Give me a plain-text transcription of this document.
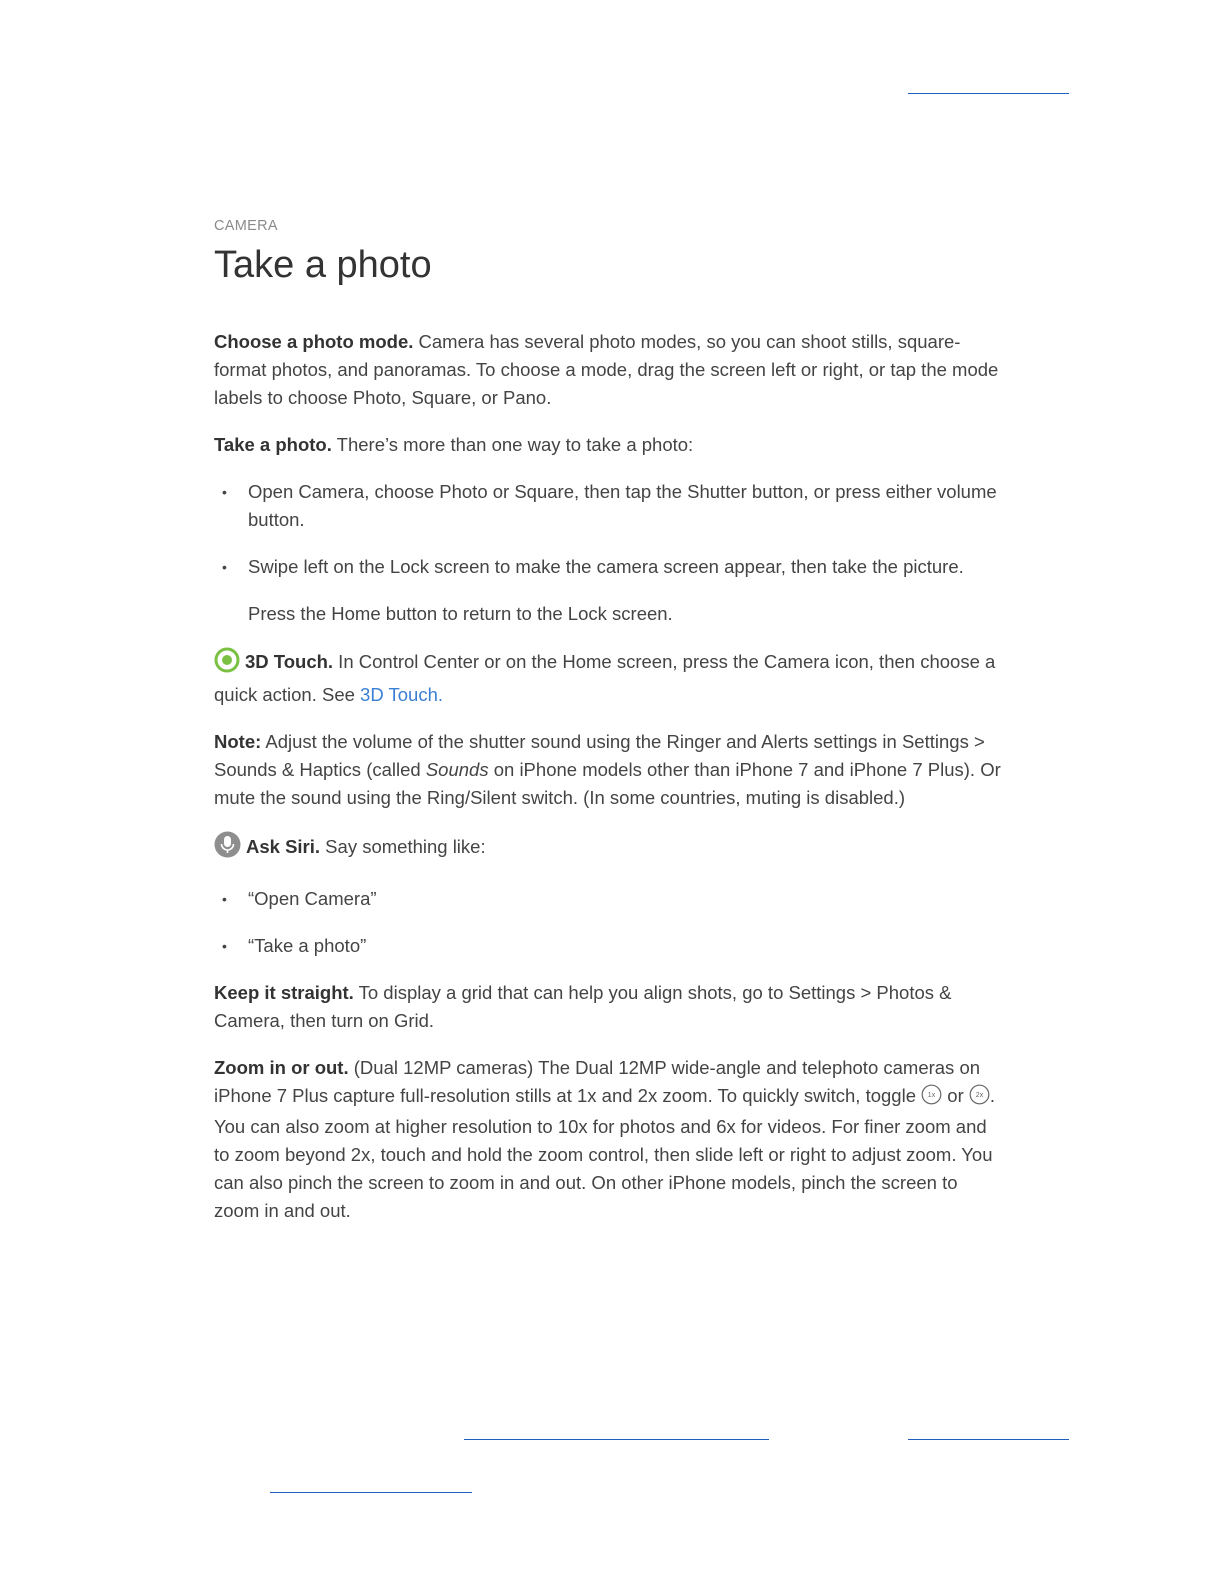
CAMERA
Take a photo

Choose a photo mode. Camera has several photo modes, so you can shoot stills, square-format photos, and panoramas. To choose a mode, drag the screen left or right, or tap the mode labels to choose Photo, Square, or Pano.

Take a photo. There’s more than one way to take a photo:

• Open Camera, choose Photo or Square, then tap the Shutter button, or press either volume button.
• Swipe left on the Lock screen to make the camera screen appear, then take the picture.

Press the Home button to return to the Lock screen.

3D Touch. In Control Center or on the Home screen, press the Camera icon, then choose a quick action. See 3D Touch.

Note: Adjust the volume of the shutter sound using the Ringer and Alerts settings in Settings > Sounds & Haptics (called Sounds on iPhone models other than iPhone 7 and iPhone 7 Plus). Or mute the sound using the Ring/Silent switch. (In some countries, muting is disabled.)

Ask Siri. Say something like:

• “Open Camera”
• “Take a photo”

Keep it straight. To display a grid that can help you align shots, go to Settings > Photos & Camera, then turn on Grid.

Zoom in or out. (Dual 12MP cameras) The Dual 12MP wide-angle and telephoto cameras on iPhone 7 Plus capture full-resolution stills at 1x and 2x zoom. To quickly switch, toggle 1x or 2x . You can also zoom at higher resolution to 10x for photos and 6x for videos. For finer zoom and to zoom beyond 2x, touch and hold the zoom control, then slide left or right to adjust zoom. You can also pinch the screen to zoom in and out. On other iPhone models, pinch the screen to zoom in and out.
